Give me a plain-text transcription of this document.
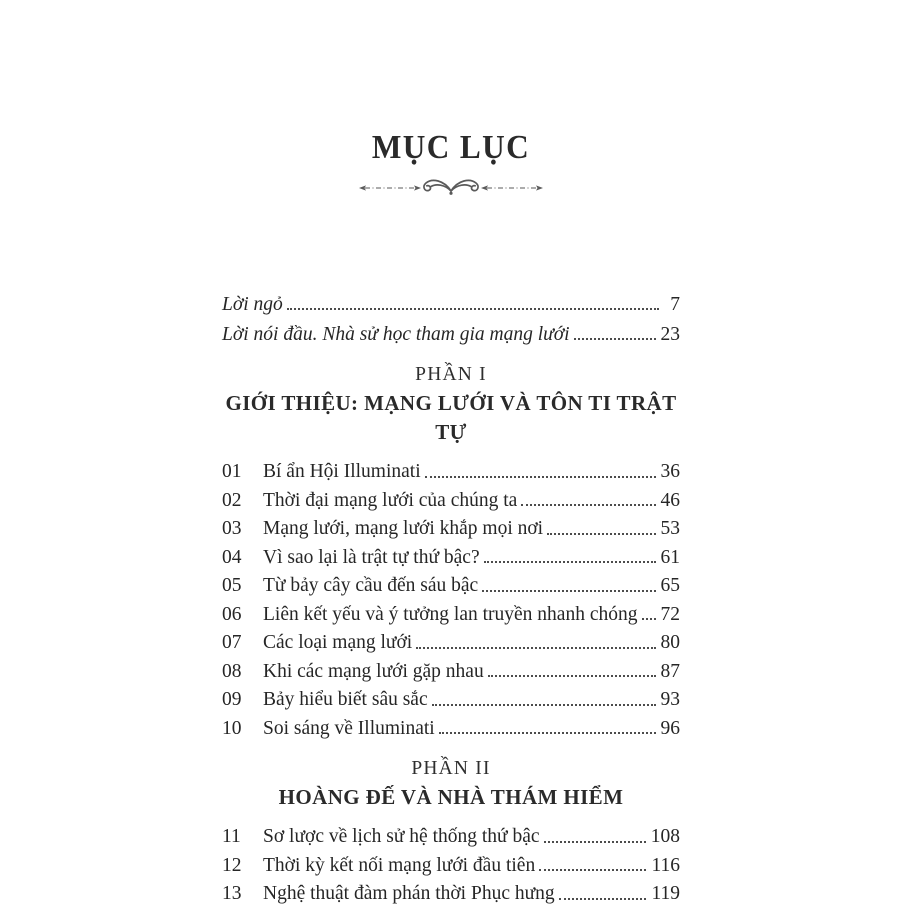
MỤC LỤC
Lời ngỏ	7
Lời nói đầu. Nhà sử học tham gia mạng lưới	23
PHẦN I
GIỚI THIỆU: MẠNG LƯỚI VÀ TÔN TI TRẬT TỰ
01	Bí ẩn Hội Illuminati	36
02	Thời đại mạng lưới của chúng ta	46
03	Mạng lưới, mạng lưới khắp mọi nơi	53
04	Vì sao lại là trật tự thứ bậc?	61
05	Từ bảy cây cầu đến sáu bậc	65
06	Liên kết yếu và ý tưởng lan truyền nhanh chóng 72
07	Các loại mạng lưới	80
08	Khi các mạng lưới gặp nhau	87
09	Bảy hiểu biết sâu sắc	93
10	Soi sáng về Illuminati	96
PHẦN II
HOÀNG ĐẾ VÀ NHÀ THÁM HIỂM
11	Sơ lược về lịch sử hệ thống thứ bậc	108
12	Thời kỳ kết nối mạng lưới đầu tiên	116
13	Nghệ thuật đàm phán thời Phục hưng	119
